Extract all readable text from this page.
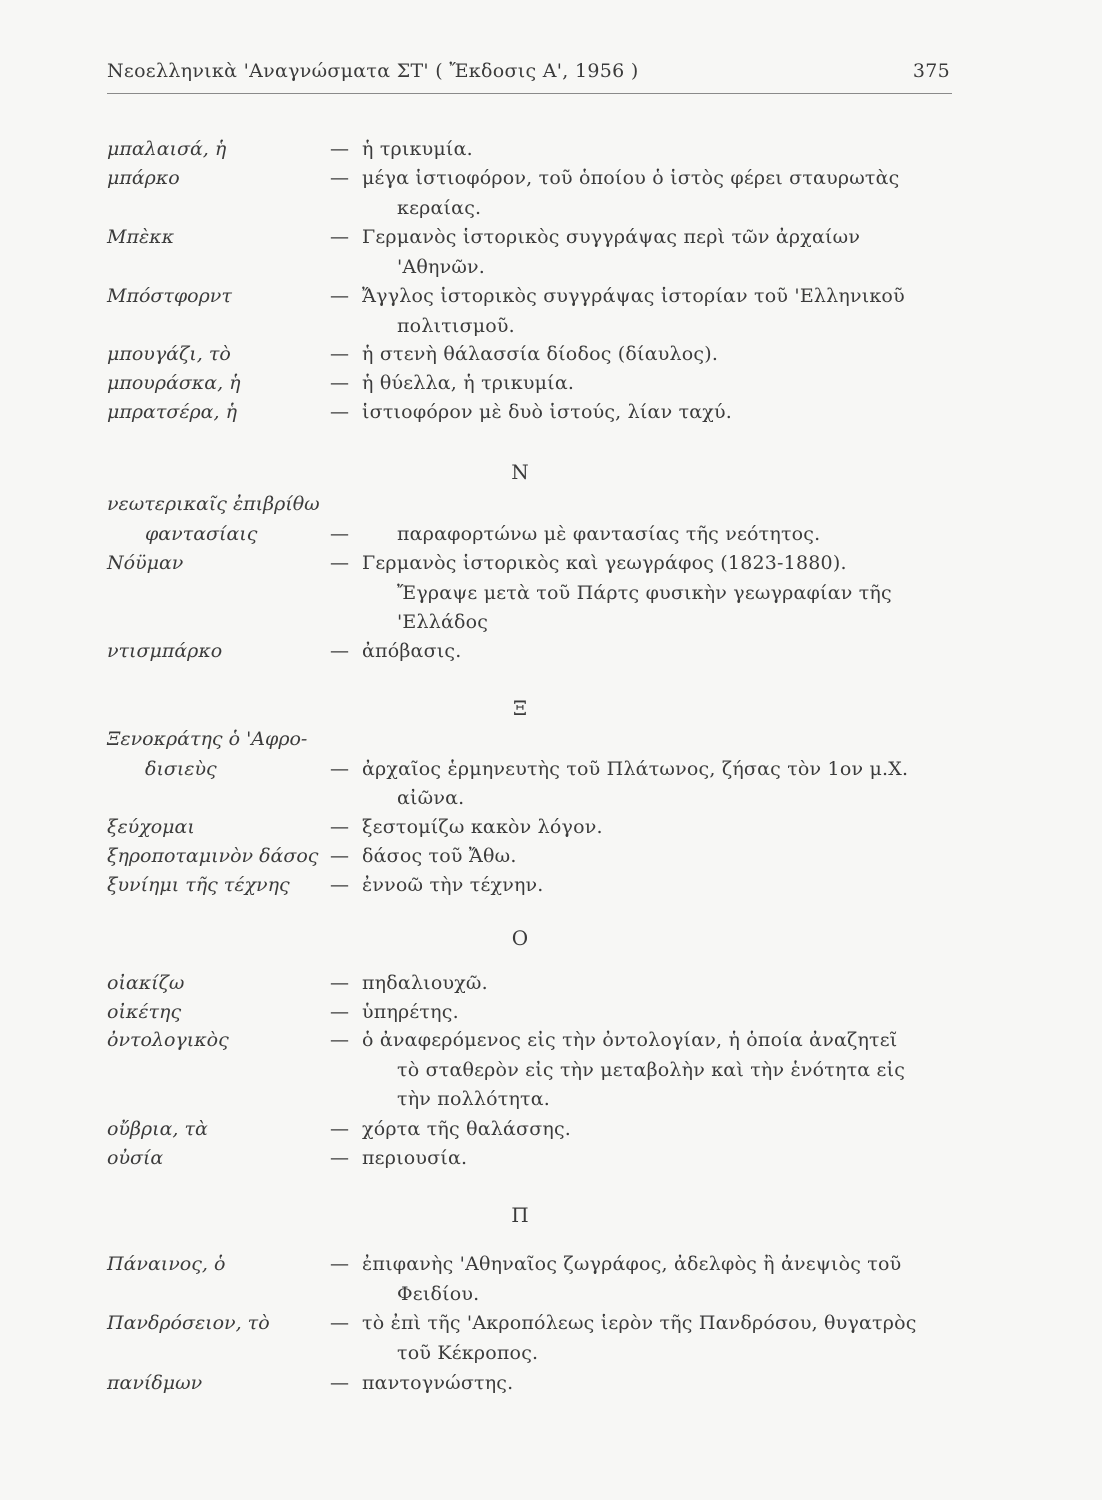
Νεοελληνικὰ 'Αναγνώσματα ΣΤ' ( Ἔκδοσις Α', 1956 )	375
μπαλαισά, ἡ	— ἡ τρικυμία.
μπάρκο	— μέγα ἱστιοφόρον, τοῦ ὁποίου ὁ ἱστὸς φέρει σταυρωτὰς
κεραίας.
Μπὲκκ	— Γερμανὸς ἱστορικὸς συγγράψας περὶ τῶν ἀρχαίων
'Αθηνῶν.
Μπόστφορντ	— Ἄγγλος ἱστορικὸς συγγράψας ἱστορίαν τοῦ 'Ελληνικοῦ
πολιτισμοῦ.
μπουγάζι, τὸ	— ἡ στενὴ θάλασσία δίοδος (δίαυλος).
μπουράσκα, ἡ	— ἡ θύελλα, ἡ τρικυμία.
μπρατσέρα, ἡ	— ἱστιοφόρον μὲ δυὸ ἱστούς, λίαν ταχύ.
Ν
νεωτερικαῖς ἐπιβρίθω
φαντασίαις	—	παραφορτώνω μὲ φαντασίας τῆς νεότητος.
Νόϋμαν	— Γερμανὸς ἱστορικὸς καὶ γεωγράφος (1823-1880).
Ἔγραψε μετὰ τοῦ Πάρτς φυσικὴν γεωγραφίαν τῆς
'Ελλάδος
ντισμπάρκο	— ἀπόβασις.
Ξ
Ξενοκράτης ὁ 'Αφρο-
δισιεὺς	— ἀρχαῖος ἑρμηνευτὴς τοῦ Πλάτωνος, ζήσας τὸν 1ον μ.Χ.
αἰῶνα.
ξεύχομαι	— ξεστομίζω κακὸν λόγον.
ξηροποταμινὸν δάσος — δάσος τοῦ Ἄθω.
ξυνίημι τῆς τέχνης — ἐννοῶ τὴν τέχνην.
Ο
οἰακίζω	— πηδαλιουχῶ.
οἰκέτης	— ὑπηρέτης.
ὀντολογικὸς	— ὁ ἀναφερόμενος εἰς τὴν ὀντολογίαν, ἡ ὁποία ἀναζητεῖ
τὸ σταθερὸν εἰς τὴν μεταβολὴν καὶ τὴν ἑνότητα εἰς
τὴν πολλότητα.
οὔβρια, τὰ	— χόρτα τῆς θαλάσσης.
οὐσία	— περιουσία.
Π
Πάναινος, ὁ	— ἐπιφανὴς 'Αθηναῖος ζωγράφος, ἀδελφὸς ἢ ἀνεψιὸς τοῦ
Φειδίου.
Πανδρόσειον, τὸ	— τὸ ἐπὶ τῆς 'Ακροπόλεως ἱερὸν τῆς Πανδρόσου, θυγατρὸς
τοῦ Κέκροπος.
πανίδμων	— παντογνώστης.
